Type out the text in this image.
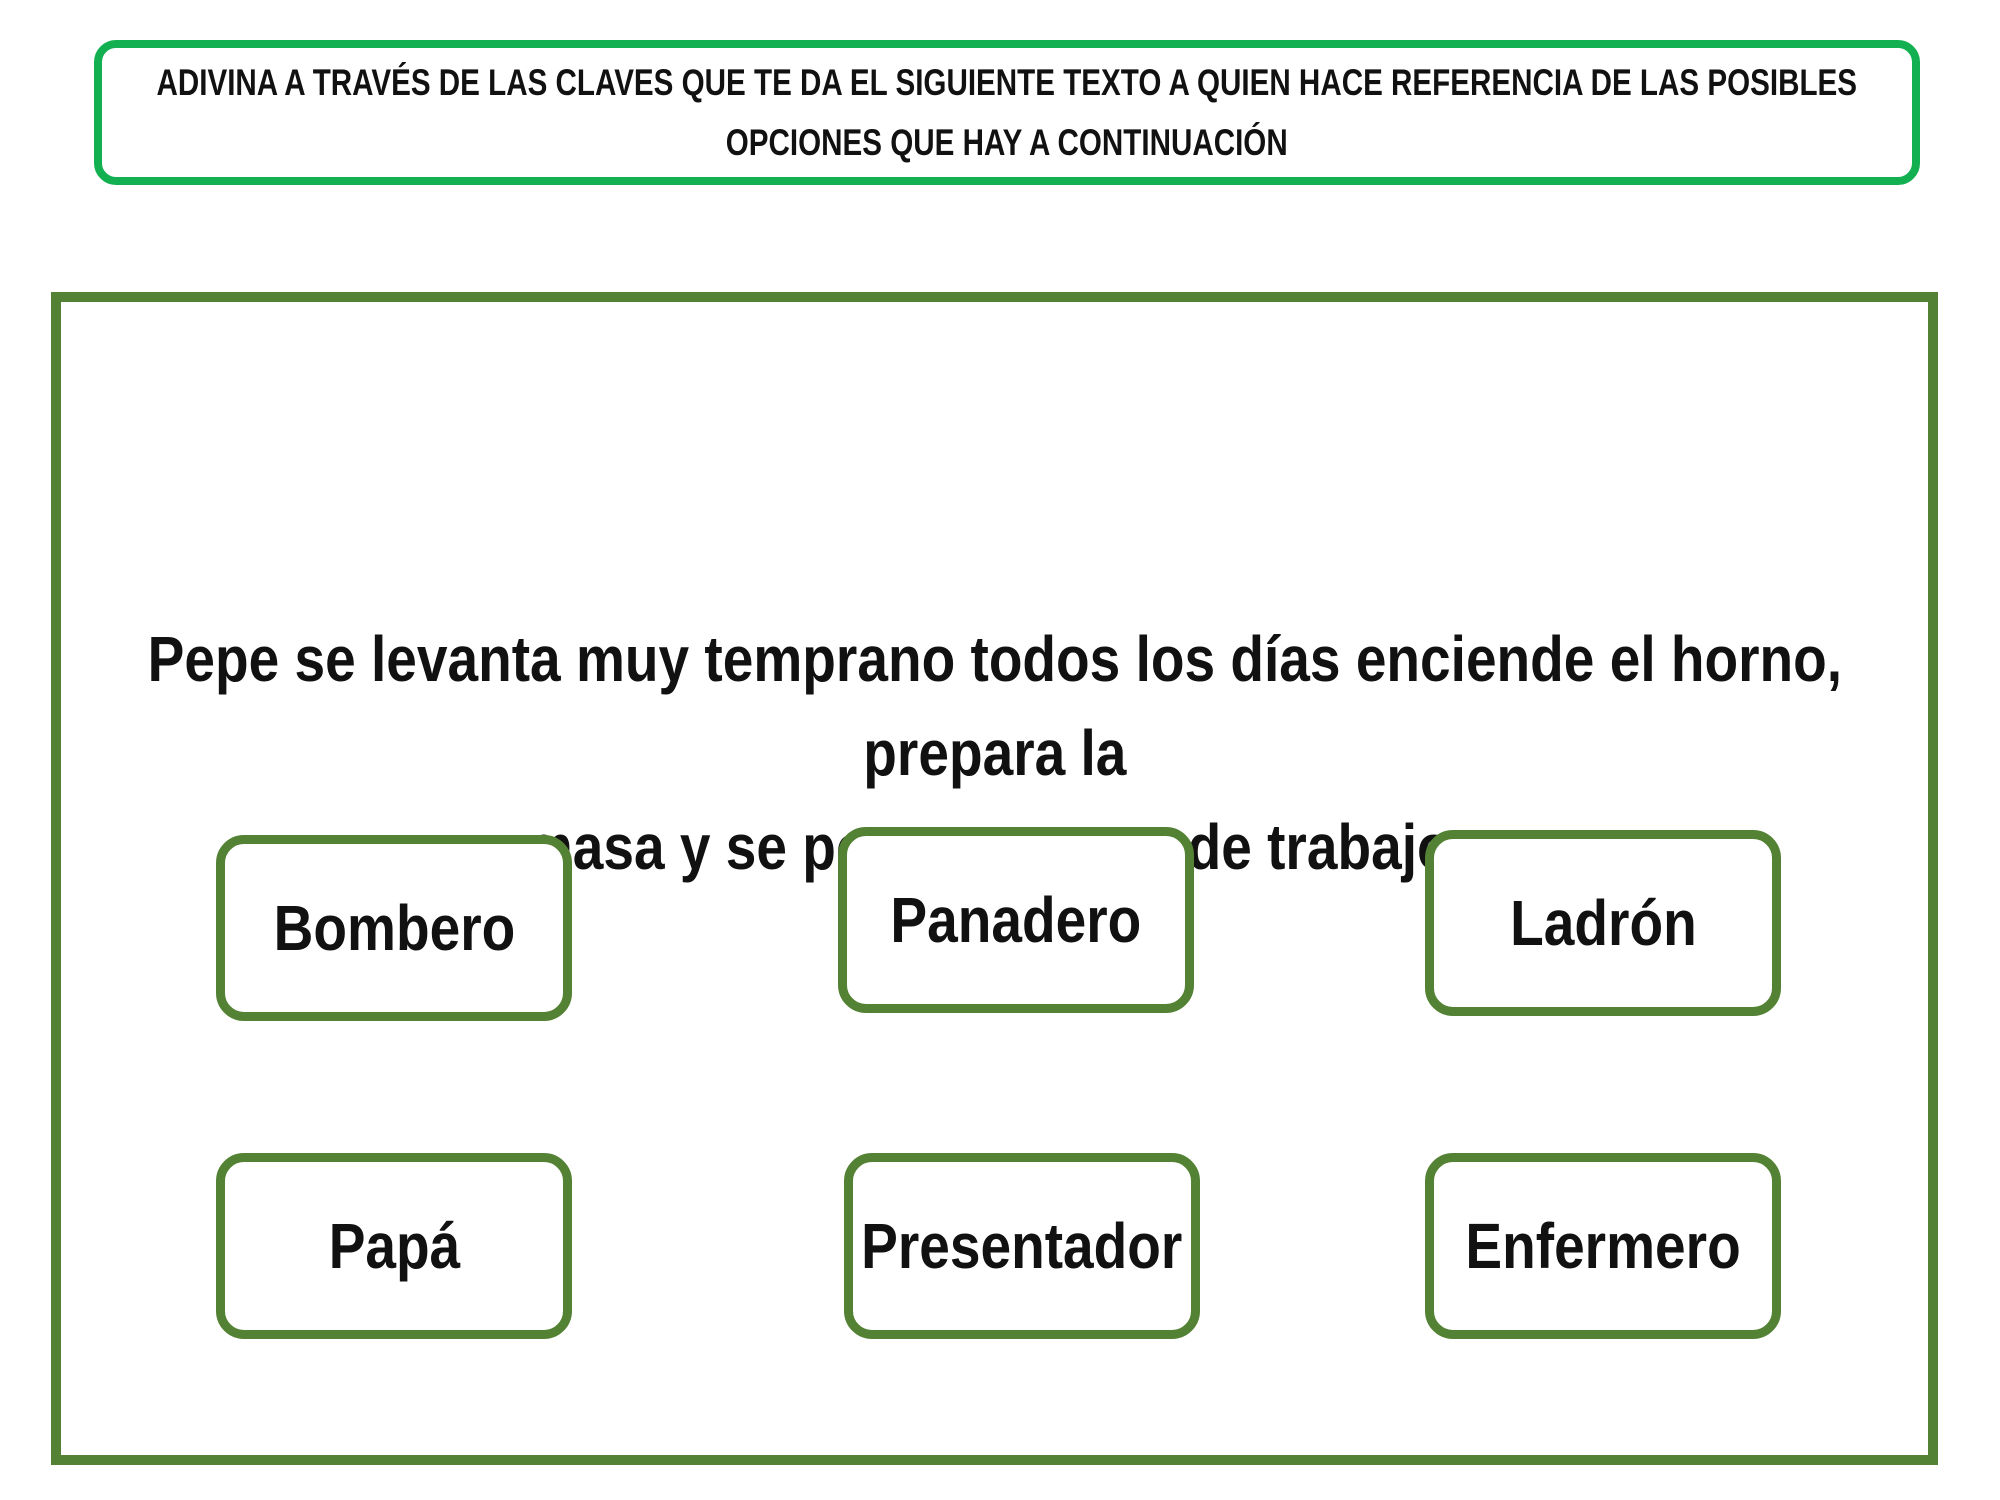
ADIVINA A TRAVÉS DE LAS CLAVES QUE TE DA EL SIGUIENTE TEXTO A QUIEN HACE REFERENCIA DE LAS POSIBLES
OPCIONES QUE HAY A CONTINUACIÓN

Pepe se levanta muy temprano todos los días enciende el horno, prepara la
masa y se de trabajo.

Bombero	Panadero	Ladrón
Papá	Presentador	Enfermero
